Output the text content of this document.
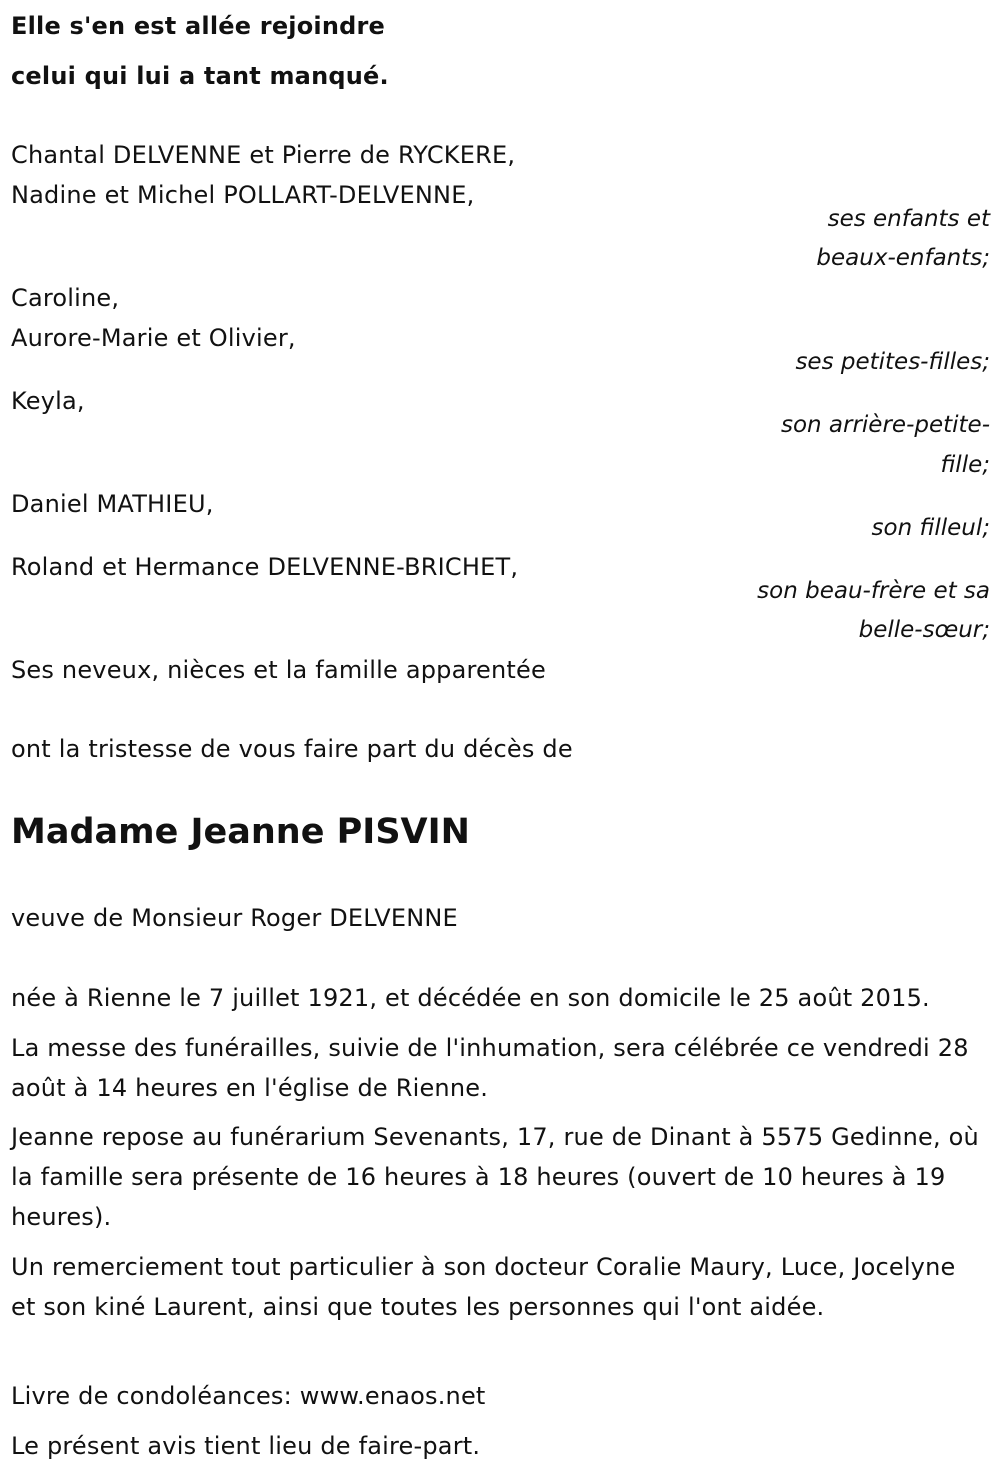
Elle s'en est allée rejoindre
celui qui lui a tant manqué.
Chantal DELVENNE et Pierre de RYCKERE,
Nadine et Michel POLLART-DELVENNE,
ses enfants et
beaux-enfants;
Caroline,
Aurore-Marie et Olivier,
ses petites-filles;
Keyla,
son arrière-petite-
fille;
Daniel MATHIEU,
son filleul;
Roland et Hermance DELVENNE-BRICHET,
son beau-frère et sa
belle-sœur;
Ses neveux, nièces et la famille apparentée
ont la tristesse de vous faire part du décès de
Madame Jeanne PISVIN
veuve de Monsieur Roger DELVENNE
née à Rienne le 7 juillet 1921, et décédée en son domicile le 25 août 2015.
La messe des funérailles, suivie de l'inhumation, sera célébrée ce vendredi 28 août à 14 heures en l'église de Rienne.
Jeanne repose au funérarium Sevenants, 17, rue de Dinant à 5575 Gedinne, où la famille sera présente de 16 heures à 18 heures (ouvert de 10 heures à 19 heures).
Un remerciement tout particulier à son docteur Coralie Maury, Luce, Jocelyne et son kiné Laurent, ainsi que toutes les personnes qui l'ont aidée.
Livre de condoléances: www.enaos.net
Le présent avis tient lieu de faire-part.
